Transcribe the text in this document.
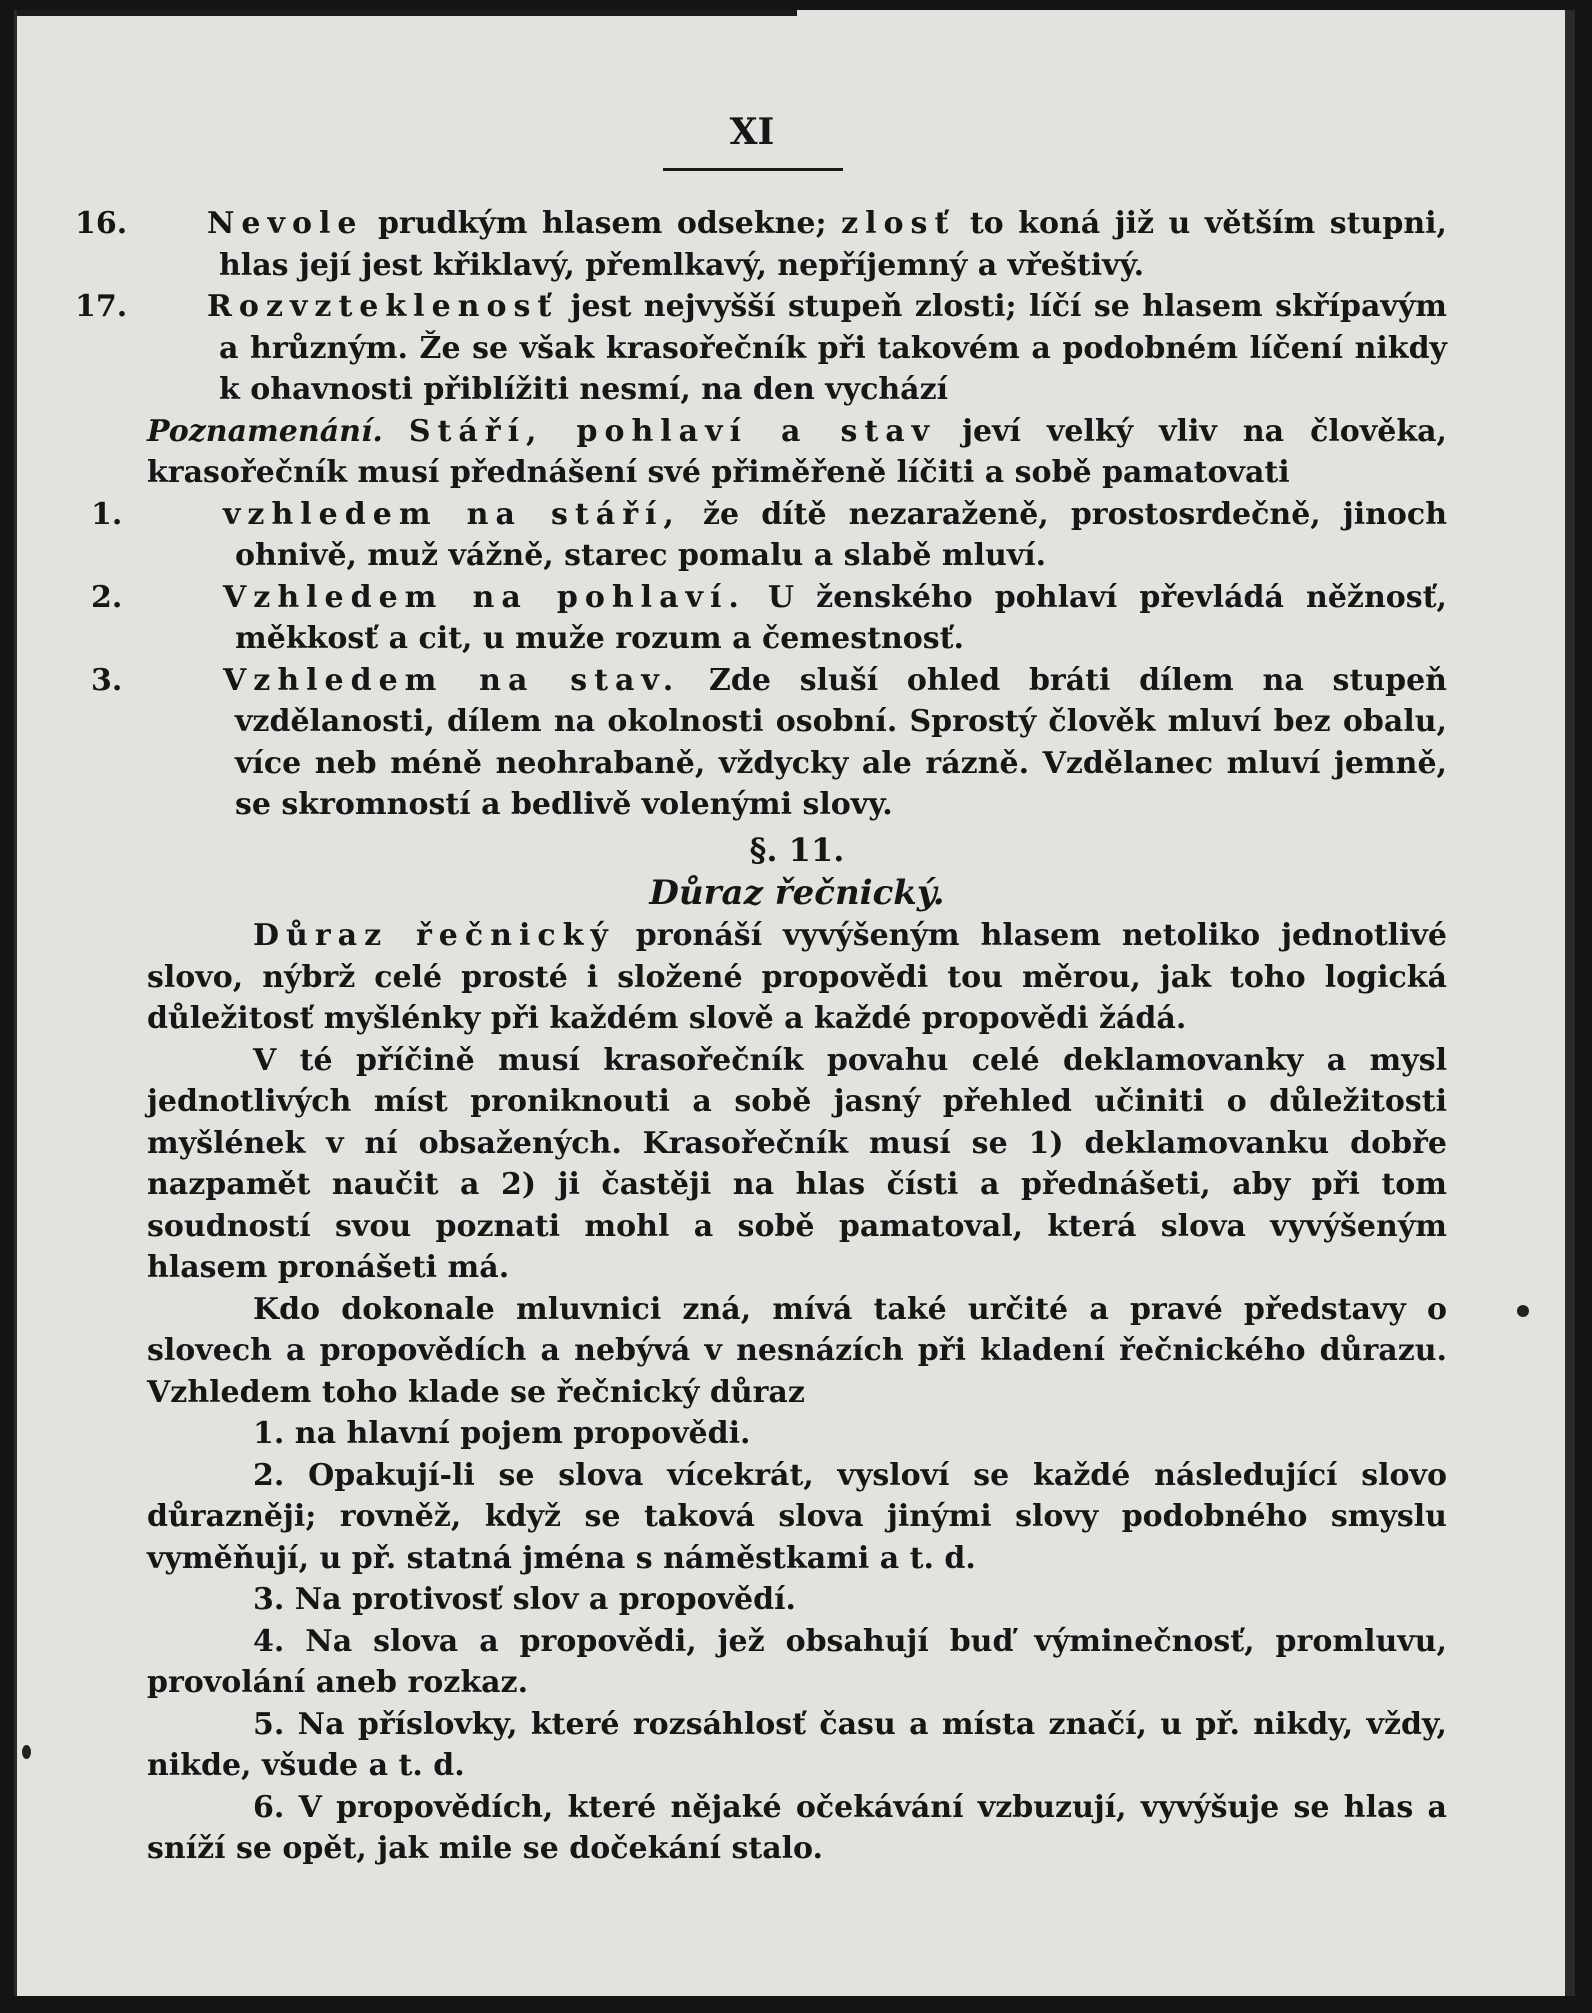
XI

16.	Nevole prudkým hlasem odsekne; zlosť to koná již u větším stupni, hlas její jest křiklavý, přemlkavý, nepříjemný a vřeštivý.

17.	Rozvzteklenosť jest nejvyšší stupeň zlosti; líčí se hlasem skřípavým a hrůzným. Že se však krasořečník při takovém a podobném líčení nikdy k ohavnosti přiblížiti nesmí, na den vychází

Poznamenání. Stáří, pohlaví a stav jeví velký vliv na člověka, krasořečník musí přednášení své přiměřeně líčiti a sobě pamatovati

1.	vzhledem na stáří, že dítě nezaraženě, prostosrdečně, jinoch ohnivě, muž vážně, starec pomalu a slabě mluví.

2.	Vzhledem na pohlaví. U ženského pohlaví převládá něžnosť, měkkosť a cit, u muže rozum a čemestnosť.

3.	Vzhledem na stav. Zde sluší ohled bráti dílem na stupeň vzdělanosti, dílem na okolnosti osobní. Sprostý člověk mluví bez obalu, více neb méně neohrabaně, vždycky ale rázně. Vzdělanec mluví jemně, se skromností a bedlivě volenými slovy.

§. 11.
Důraz řečnický.

Důraz řečnický pronáší vyvýšeným hlasem netoliko jednotlivé slovo, nýbrž celé prosté i složené propovědi tou měrou, jak toho logická důležitosť myšlénky při každém slově a každé propovědi žádá.

V té příčině musí krasořečník povahu celé deklamovanky a mysl jednotlivých míst proniknouti a sobě jasný přehled učiniti o důležitosti myšlének v ní obsažených. Krasořečník musí se 1) deklamovanku dobře nazpamět naučit a 2) ji častěji na hlas čísti a přednášeti, aby při tom soudností svou poznati mohl a sobě pamatoval, která slova vyvýšeným hlasem pronášeti má.

Kdo dokonale mluvnici zná, mívá také určité a pravé představy o slovech a propovědích a nebývá v nesnázích při kladení řečnického důrazu. Vzhledem toho klade se řečnický důraz

1. na hlavní pojem propovědi.

2. Opakují-li se slova vícekrát, vysloví se každé následující slovo důrazněji; rovněž, když se taková slova jinými slovy podobného smyslu vyměňují, u př. statná jména s náměstkami a t. d.

3. Na protivosť slov a propovědí.

4. Na slova a propovědi, jež obsahují buď výminečnosť, promluvu, provolání aneb rozkaz.

5. Na příslovky, které rozsáhlosť času a místa značí, u př. nikdy, vždy, nikde, všude a t. d.

6. V propovědích, které nějaké očekávání vzbuzují, vyvýšuje se hlas a sníží se opět, jak mile se dočekání stalo.
